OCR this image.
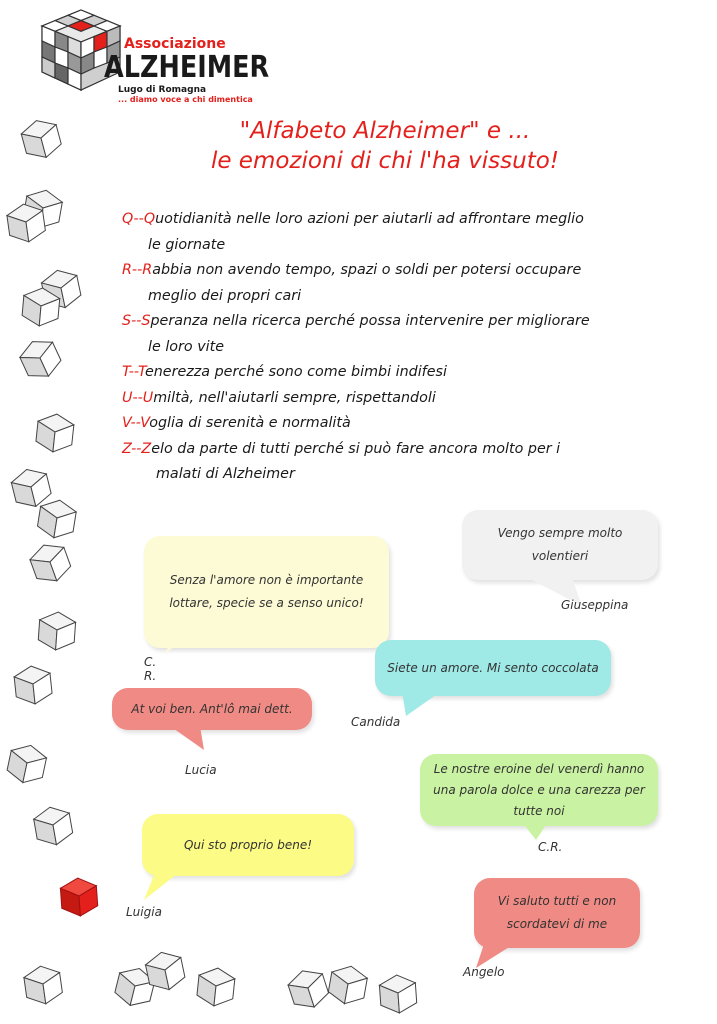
Associazione
ALZHEIMER
Lugo di Romagna
... diamo voce a chi dimentica
"Alfabeto Alzheimer" e ...
le emozioni di chi l'ha vissuto!
Q--Quotidianità nelle loro azioni per aiutarli ad affrontare meglio
le giornate
R--Rabbia non avendo tempo, spazi o soldi per potersi occupare
meglio dei propri cari
S--Speranza nella ricerca perché possa intervenire per migliorare
le loro vite
T--Tenerezza perché sono come bimbi indifesi
U--Umiltà, nell'aiutarli sempre, rispettandoli
V--Voglia di serenità e normalità
Z--Zelo da parte di tutti perché si può fare ancora molto per i
malati di Alzheimer
Vengo sempre molto volentieri
Giuseppina
Senza l'amore non è importante lottare, specie se a senso unico!
C. R.
Siete un amore. Mi sento coccolata
Candida
At voi ben. Ant'lô mai dett.
Lucia	Le nostre eroine del venerdì hanno una parola dolce e una carezza per tutte noi
C.R.
Qui sto proprio bene!
Luigia
Vi saluto tutti e non scordatevi di me
Angelo
